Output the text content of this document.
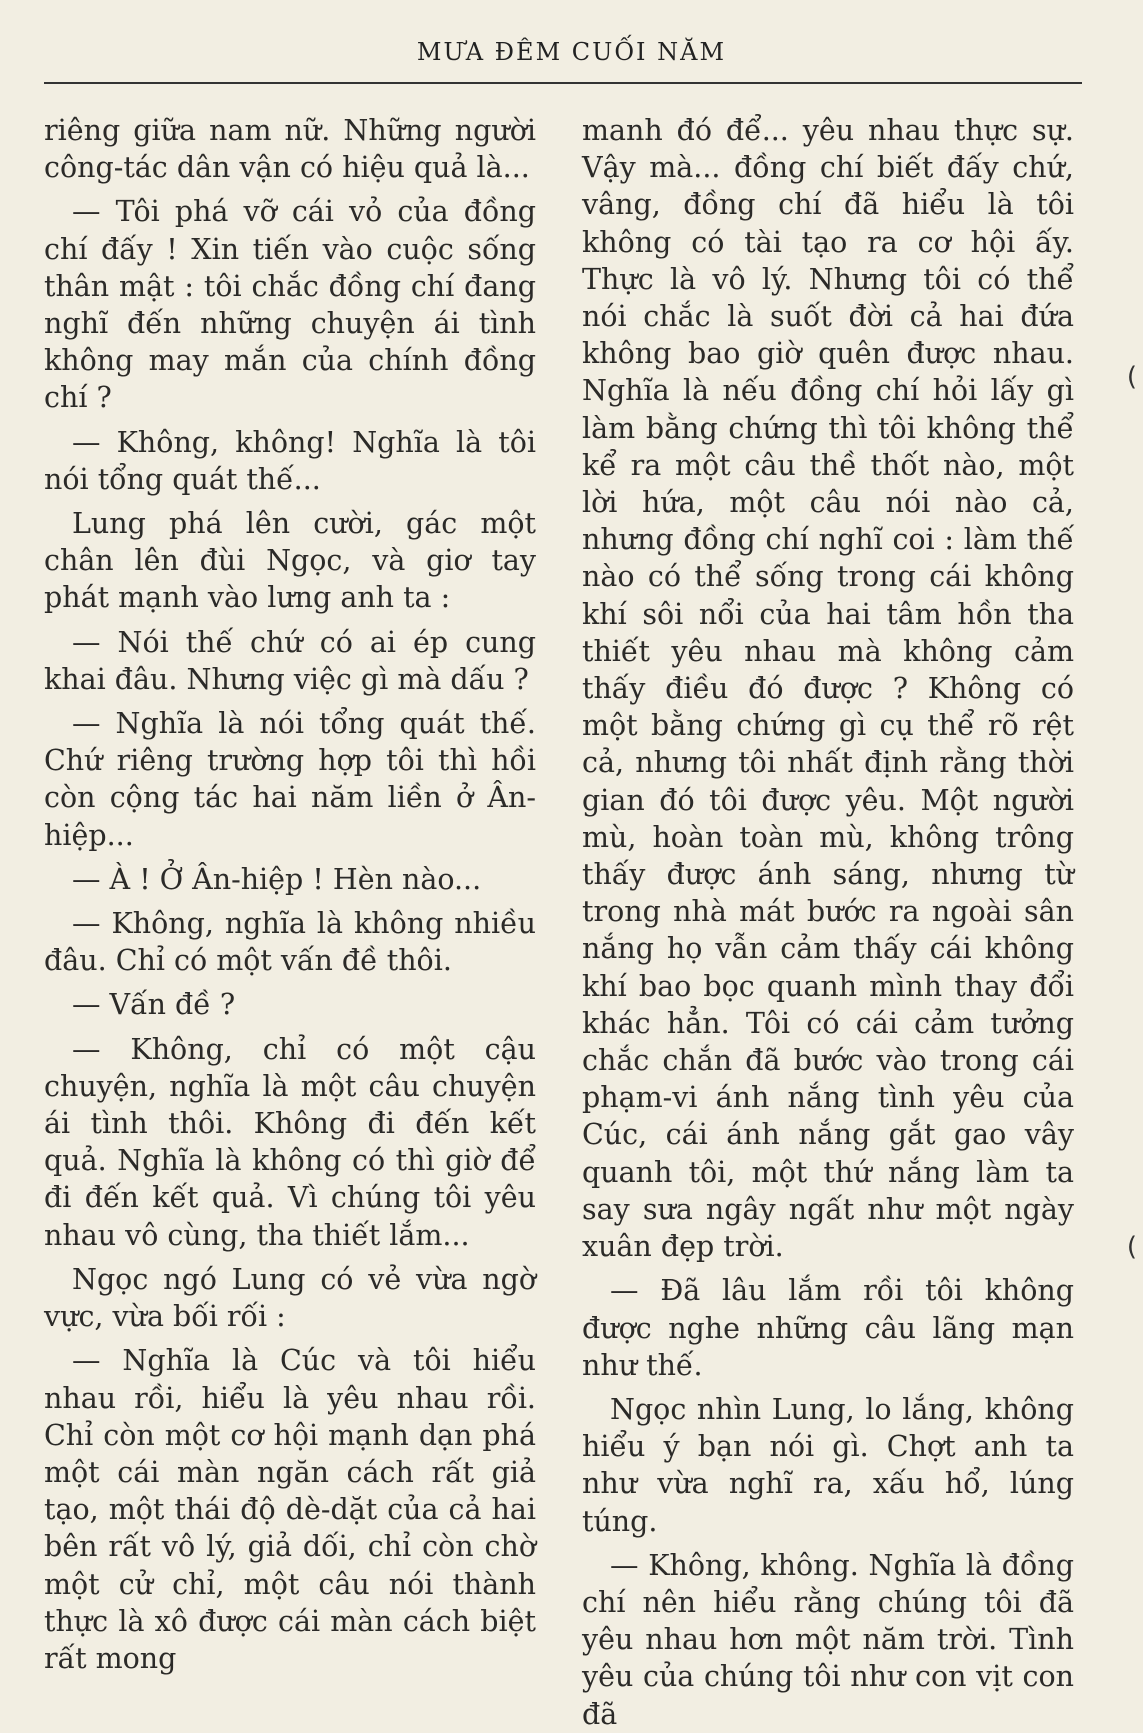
MƯA ĐÊM CUỐI NĂM

riêng giữa nam nữ. Những người công-tác dân vận có hiệu quả là...

— Tôi phá vỡ cái vỏ của đồng chí đấy ! Xin tiến vào cuộc sống thân mật : tôi chắc đồng chí đang nghĩ đến những chuyện ái tình không may mắn của chính đồng chí ?

— Không, không! Nghĩa là tôi nói tổng quát thế...

Lung phá lên cười, gác một chân lên đùi Ngọc, và giơ tay phát mạnh vào lưng anh ta :

— Nói thế chứ có ai ép cung khai đâu. Nhưng việc gì mà dấu ?

— Nghĩa là nói tổng quát thế. Chứ riêng trường hợp tôi thì hồi còn cộng tác hai năm liền ở Ân-hiệp...

— À ! Ở Ân-hiệp ! Hèn nào...

— Không, nghĩa là không nhiều đâu. Chỉ có một vấn đề thôi.

— Vấn đề ?

— Không, chỉ có một cậu chuyện, nghĩa là một câu chuyện ái tình thôi. Không đi đến kết quả. Nghĩa là không có thì giờ để đi đến kết quả. Vì chúng tôi yêu nhau vô cùng, tha thiết lắm...

Ngọc ngó Lung có vẻ vừa ngờ vực, vừa bối rối :

— Nghĩa là Cúc và tôi hiểu nhau rồi, hiểu là yêu nhau rồi. Chỉ còn một cơ hội mạnh dạn phá một cái màn ngăn cách rất giả tạo, một thái độ dè-dặt của cả hai bên rất vô lý, giả dối, chỉ còn chờ một cử chỉ, một câu nói thành thực là xô được cái màn cách biệt rất mong

manh đó để... yêu nhau thực sự. Vậy mà... đồng chí biết đấy chứ, vâng, đồng chí đã hiểu là tôi không có tài tạo ra cơ hội ấy. Thực là vô lý. Nhưng tôi có thể nói chắc là suốt đời cả hai đứa không bao giờ quên được nhau. Nghĩa là nếu đồng chí hỏi lấy gì làm bằng chứng thì tôi không thể kể ra một câu thề thốt nào, một lời hứa, một câu nói nào cả, nhưng đồng chí nghĩ coi : làm thế nào có thể sống trong cái không khí sôi nổi của hai tâm hồn tha thiết yêu nhau mà không cảm thấy điều đó được ? Không có một bằng chứng gì cụ thể rõ rệt cả, nhưng tôi nhất định rằng thời gian đó tôi được yêu. Một người mù, hoàn toàn mù, không trông thấy được ánh sáng, nhưng từ trong nhà mát bước ra ngoài sân nắng họ vẫn cảm thấy cái không khí bao bọc quanh mình thay đổi khác hẳn. Tôi có cái cảm tưởng chắc chắn đã bước vào trong cái phạm-vi ánh nắng tình yêu của Cúc, cái ánh nắng gắt gao vây quanh tôi, một thứ nắng làm ta say sưa ngây ngất như một ngày xuân đẹp trời.

— Đã lâu lắm rồi tôi không được nghe những câu lãng mạn như thế.

Ngọc nhìn Lung, lo lắng, không hiểu ý bạn nói gì. Chợt anh ta như vừa nghĩ ra, xấu hổ, lúng túng.

— Không, không. Nghĩa là đồng chí nên hiểu rằng chúng tôi đã yêu nhau hơn một năm trời. Tình yêu của chúng tôi như con vịt con đã

(
(
